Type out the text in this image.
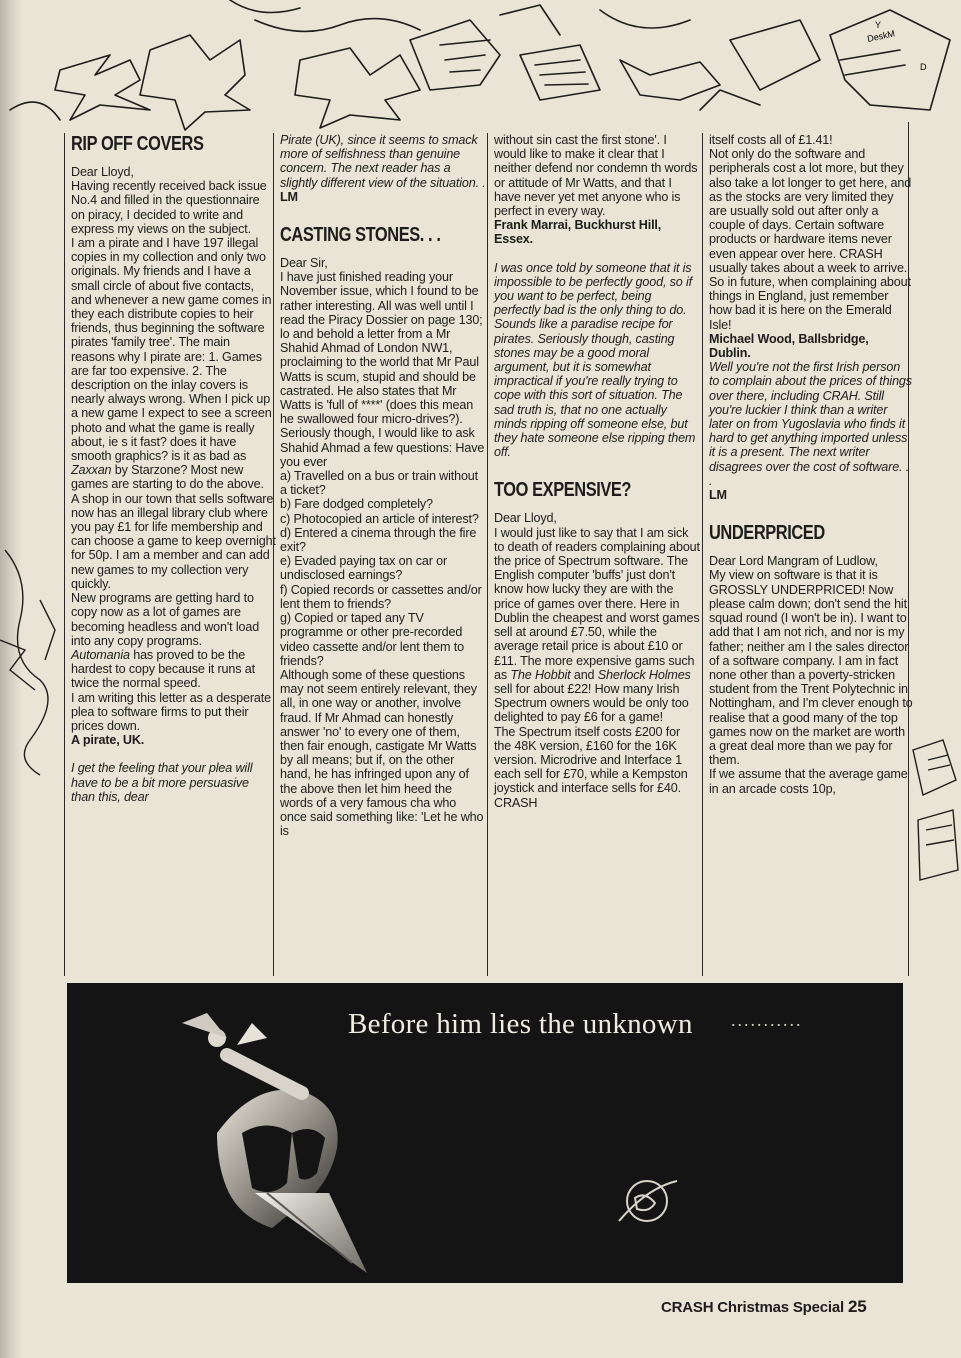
DeskM
D
Y
RIP OFF COVERS

Dear Lloyd,

Having recently received back issue No.4 and filled in the questionnaire on piracy, I decided to write and express my views on the subject.

I am a pirate and I have 197 illegal copies in my collection and only two originals. My friends and I have a small circle of about five contacts, and whenever a new game comes in they each distribute copies to heir friends, thus beginning the software pirates 'family tree'. The main reasons why I pirate are: 1. Games are far too expensive. 2. The description on the inlay covers is nearly always wrong. When I pick up a new game I expect to see a screen photo and what the game is really about, ie s it fast? does it have smooth graphics? is it as bad as Zaxxan by Starzone? Most new games are starting to do the above.

A shop in our town that sells software now has an illegal library club where you pay £1 for life membership and can choose a game to keep overnight for 50p. I am a member and can add new games to my collection very quickly.

New programs are getting hard to copy now as a lot of games are becoming headless and won't load into any copy programs.

Automania has proved to be the hardest to copy because it runs at twice the normal speed.

I am writing this letter as a desperate plea to software firms to put their prices down.

A pirate, UK.

I get the feeling that your plea will have to be a bit more persuasive than this, dear

Pirate (UK), since it seems to smack more of selfishness than genuine concern. The next reader has a slightly different view of the situation. .

LM

CASTING STONES. . .

Dear Sir,

I have just finished reading your November issue, which I found to be rather interesting. All was well until I read the Piracy Dossier on page 130; lo and behold a letter from a Mr Shahid Ahmad of London NW1, proclaiming to the world that Mr Paul Watts is scum, stupid and should be castrated. He also states that Mr Watts is 'full of ****' (does this mean he swallowed four micro-drives?). Seriously though, I would like to ask Shahid Ahmad a few questions: Have you ever

a) Travelled on a bus or train without a ticket?

b) Fare dodged completely?

c) Photocopied an article of interest?

d) Entered a cinema through the fire exit?

e) Evaded paying tax on car or undisclosed earnings?

f) Copied records or cassettes and/or lent them to friends?

g) Copied or taped any TV programme or other pre-recorded video cassette and/or lent them to friends?

Although some of these questions may not seem entirely relevant, they all, in one way or another, involve fraud. If Mr Ahmad can honestly answer 'no' to every one of them, then fair enough, castigate Mr Watts by all means; but if, on the other hand, he has infringed upon any of the above then let him heed the words of a very famous cha who once said something like: 'Let he who is

without sin cast the first stone'. I would like to make it clear that I neither defend nor condemn th words or attitude of Mr Watts, and that I have never yet met anyone who is perfect in every way.

Frank Marrai, Buckhurst Hill, Essex.

I was once told by someone that it is impossible to be perfectly good, so if you want to be perfect, being perfectly bad is the only thing to do. Sounds like a paradise recipe for pirates. Seriously though, casting stones may be a good moral argument, but it is somewhat impractical if you're really trying to cope with this sort of situation. The sad truth is, that no one actually minds ripping off someone else, but they hate someone else ripping them off.

TOO EXPENSIVE?

Dear Lloyd,

I would just like to say that I am sick to death of readers complaining about the price of Spectrum software. The English computer 'buffs' just don't know how lucky they are with the price of games over there. Here in Dublin the cheapest and worst games sell at around £7.50, while the average retail price is about £10 or £11. The more expensive gams such as The Hobbit and Sherlock Holmes sell for about £22! How many Irish Spectrum owners would be only too delighted to pay £6 for a game!

The Spectrum itself costs £200 for the 48K version, £160 for the 16K version. Microdrive and Interface 1 each sell for £70, while a Kempston joystick and interface sells for £40. CRASH

itself costs all of £1.41!

Not only do the software and peripherals cost a lot more, but they also take a lot longer to get here, and as the stocks are very limited they are usually sold out after only a couple of days. Certain software products or hardware items never even appear over here. CRASH usually takes about a week to arrive.

So in future, when complaining about things in England, just remember how bad it is here on the Emerald Isle!

Michael Wood, Ballsbridge, Dublin.

Well you're not the first Irish person to complain about the prices of things over there, including CRAH. Still you're luckier I think than a writer later on from Yugoslavia who finds it hard to get anything imported unless it is a present. The next writer disagrees over the cost of software. . .

LM

UNDERPRICED

Dear Lord Mangram of Ludlow,

My view on software is that it is GROSSLY UNDERPRICED! Now please calm down; don't send the hit squad round (I won't be in). I want to add that I am not rich, and nor is my father; neither am I the sales director of a software company. I am in fact none other than a poverty-stricken student from the Trent Polytechnic in Nottingham, and I'm clever enough to realise that a good many of the top games now on the market are worth a great deal more than we pay for them.

If we assume that the average game in an arcade costs 10p,

Before him lies the unknown ...........
CRASH Christmas Special 25
